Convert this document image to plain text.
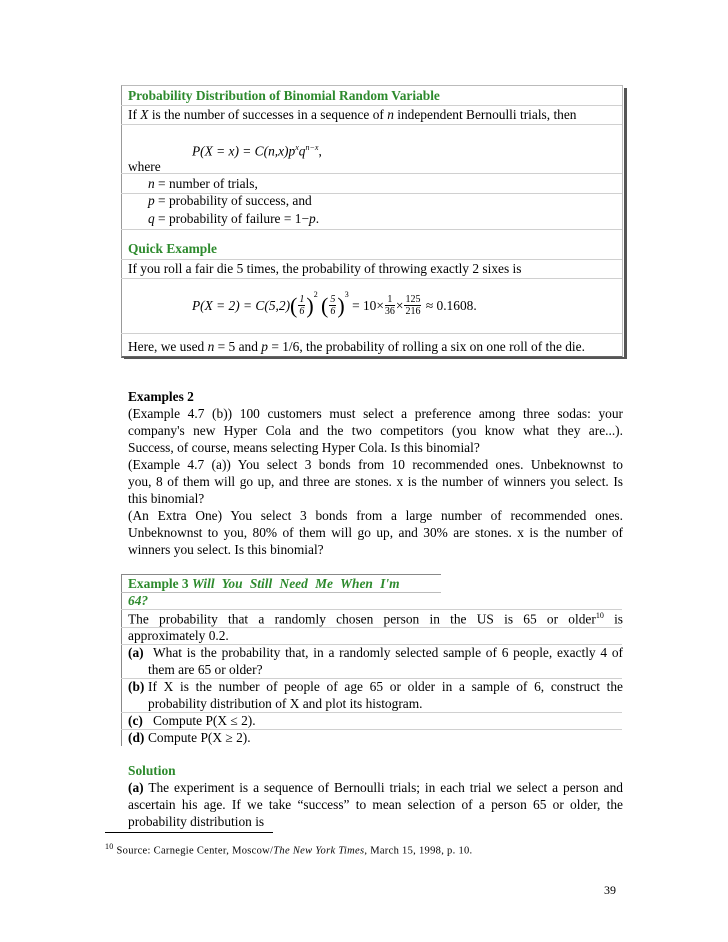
Probability Distribution of Binomial Random Variable
If X is the number of successes in a sequence of n independent Bernoulli trials, then
$P(X = x) = C(n,x)p^xq^{n-x}$,
where
n = number of trials,
p = probability of success, and
q = probability of failure = 1−p.
Quick Example
If you roll a fair die 5 times, the probability of throwing exactly 2 sixes is
$P(X = 2) = C(5,2)( \frac{1}{6} )^2$ ( $\frac{5}{6} )^3 = 10\times \frac{1}{36} \times \frac{125}{216} \approx 0.1608$.
Here, we used n = 5 and p = 1/6, the probability of rolling a six on one roll of the die.
Examples 2
(Example 4.7 (b)) 100 customers must select a preference among three sodas: your
company's new Hyper Cola and the two competitors (you know what they are...).
Success, of course, means selecting Hyper Cola. Is this binomial?
(Example 4.7 (a)) You select 3 bonds from 10 recommended ones. Unbeknownst to
you, 8 of them will go up, and three are stones. x is the number of winners you select. Is
this binomial?
(An Extra One) You select 3 bonds from a large number of recommended ones.
Unbeknownst to you, 80% of them will go up, and 30% are stones. x is the number of
winners you select. Is this binomial?
Example 3 Will You Still Need Me When I'm
64?
The probability that a randomly chosen person in the US is 65 or older$^{10}$ is
approximately 0.2.
(a) What is the probability that, in a randomly selected sample of 6 people, exactly 4 of
them are 65 or older?
(b) If X is the number of people of age 65 or older in a sample of 6, construct the
probability distribution of X and plot its histogram.
(c) Compute P(X ≤ 2).
(d) Compute P(X ≥ 2).
Solution
(a) The experiment is a sequence of Bernoulli trials; in each trial we select a person and
ascertain his age. If we take “success” to mean selection of a person 65 or older, the
probability distribution is
$^{10}$ Source: Carnegie Center, Moscow/The New York Times, March 15, 1998, p. 10.
39
